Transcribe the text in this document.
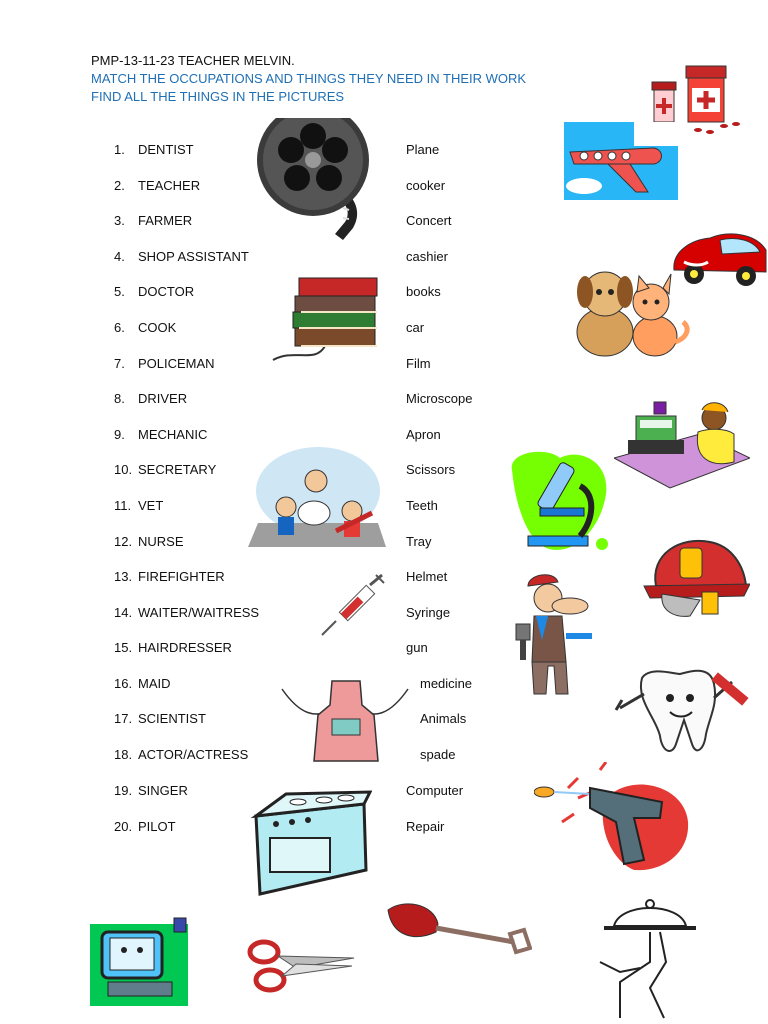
PMP-13-11-23 TEACHER MELVIN.
MATCH THE OCCUPATIONS AND THINGS THEY NEED IN THEIR WORK
FIND ALL THE THINGS IN THE PICTURES
1. DENTIST
2. TEACHER
3. FARMER
4. SHOP ASSISTANT
5. DOCTOR
6. COOK
7. POLICEMAN
8. DRIVER
9. MECHANIC
10. SECRETARY
11. VET
12. NURSE
13. FIREFIGHTER
14. WAITER/WAITRESS
15. HAIRDRESSER
16. MAID
17. SCIENTIST
18. ACTOR/ACTRESS
19. SINGER
20. PILOT
Plane
cooker
Concert
cashier
books
car
Film
Microscope
Apron
Scissors
Teeth
Tray
Helmet
Syringe
gun
medicine
Animals
spade
Computer
Repair
